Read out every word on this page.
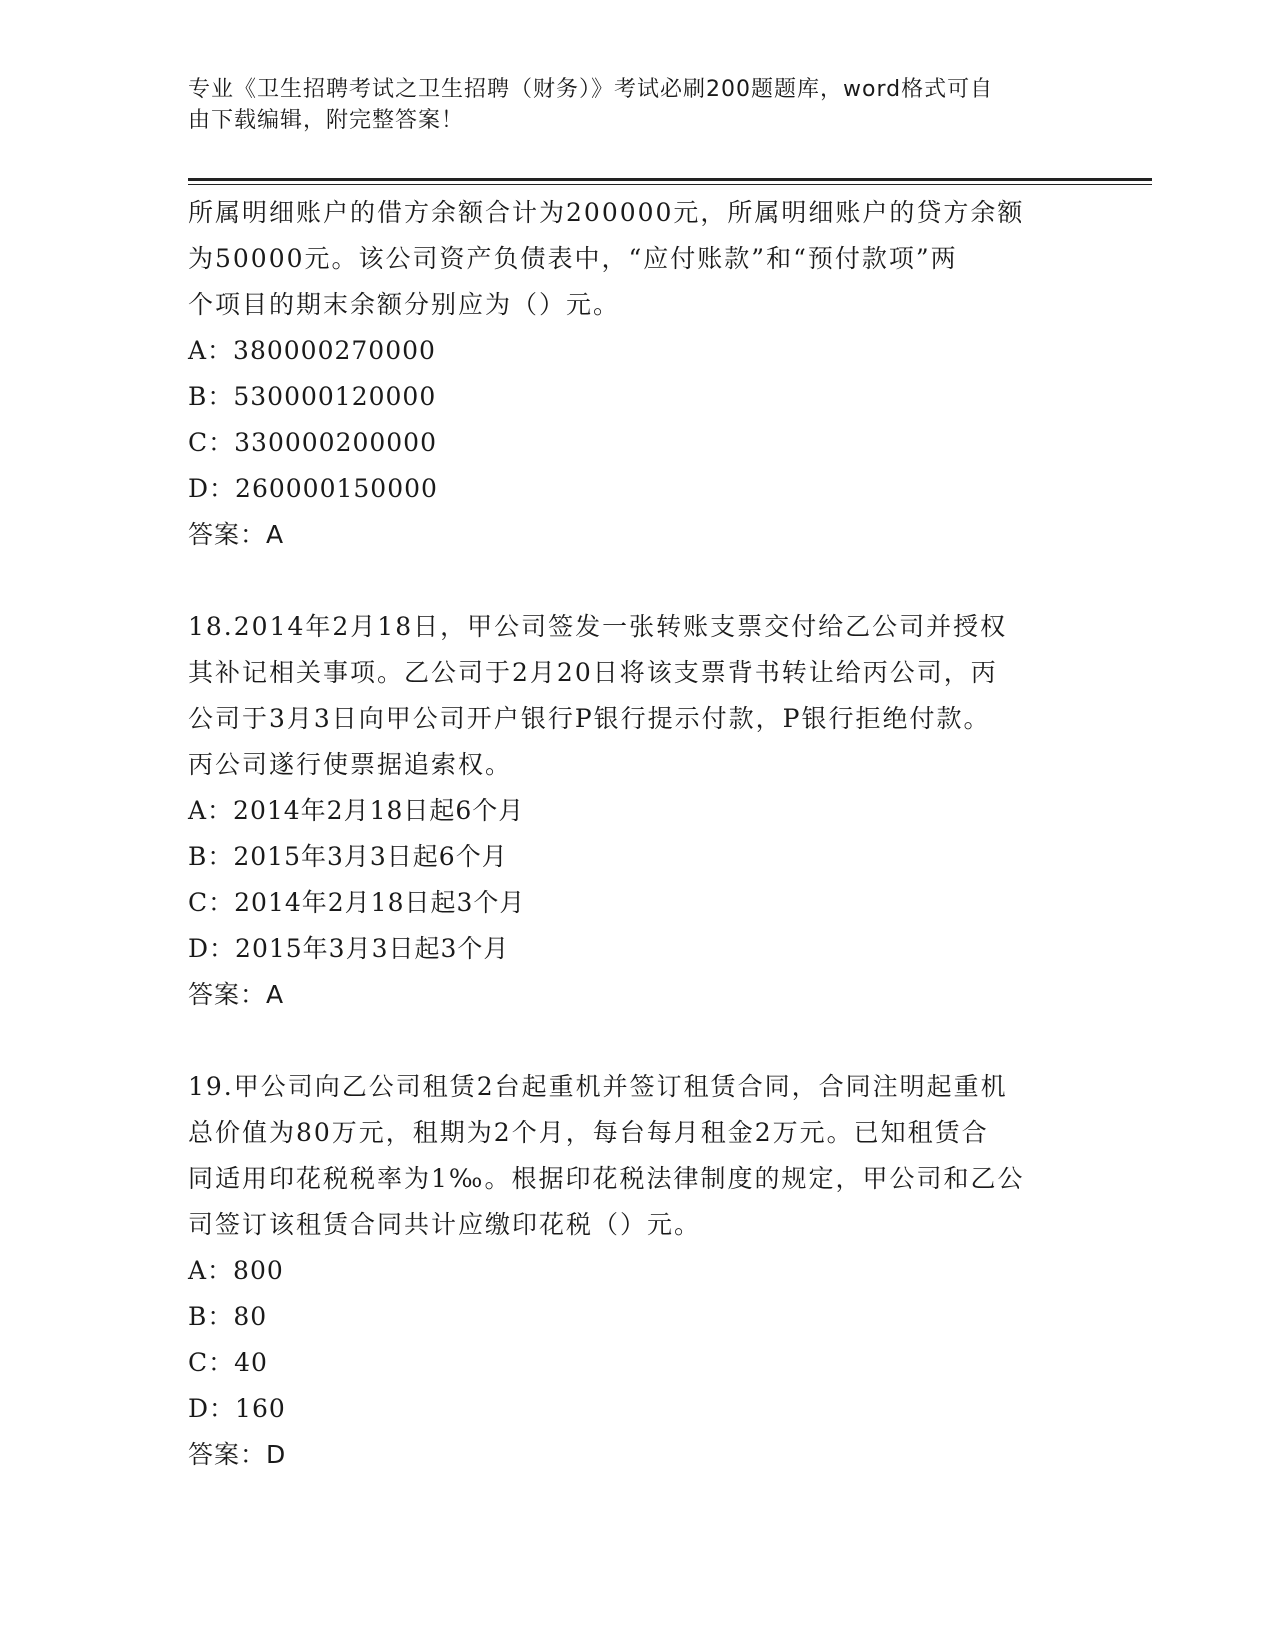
专业《卫生招聘考试之卫生招聘（财务）》考试必刷200题题库，word格式可自
由下载编辑，附完整答案！

所属明细账户的借方余额合计为200000元，所属明细账户的贷方余额

为50000元。该公司资产负债表中，“应付账款”和“预付款项”两

个项目的期末余额分别应为（）元。

A：380000270000

B：530000120000

C：330000200000

D：260000150000

答案：A

18.2014年2月18日，甲公司签发一张转账支票交付给乙公司并授权

其补记相关事项。乙公司于2月20日将该支票背书转让给丙公司，丙

公司于3月3日向甲公司开户银行P银行提示付款，P银行拒绝付款。

丙公司遂行使票据追索权。

A：2014年2月18日起6个月

B：2015年3月3日起6个月

C：2014年2月18日起3个月

D：2015年3月3日起3个月

答案：A

19.甲公司向乙公司租赁2台起重机并签订租赁合同，合同注明起重机

总价值为80万元，租期为2个月，每台每月租金2万元。已知租赁合

同适用印花税税率为1‰。根据印花税法律制度的规定，甲公司和乙公

司签订该租赁合同共计应缴印花税（）元。

A：800

B：80

C：40

D：160

答案：D
